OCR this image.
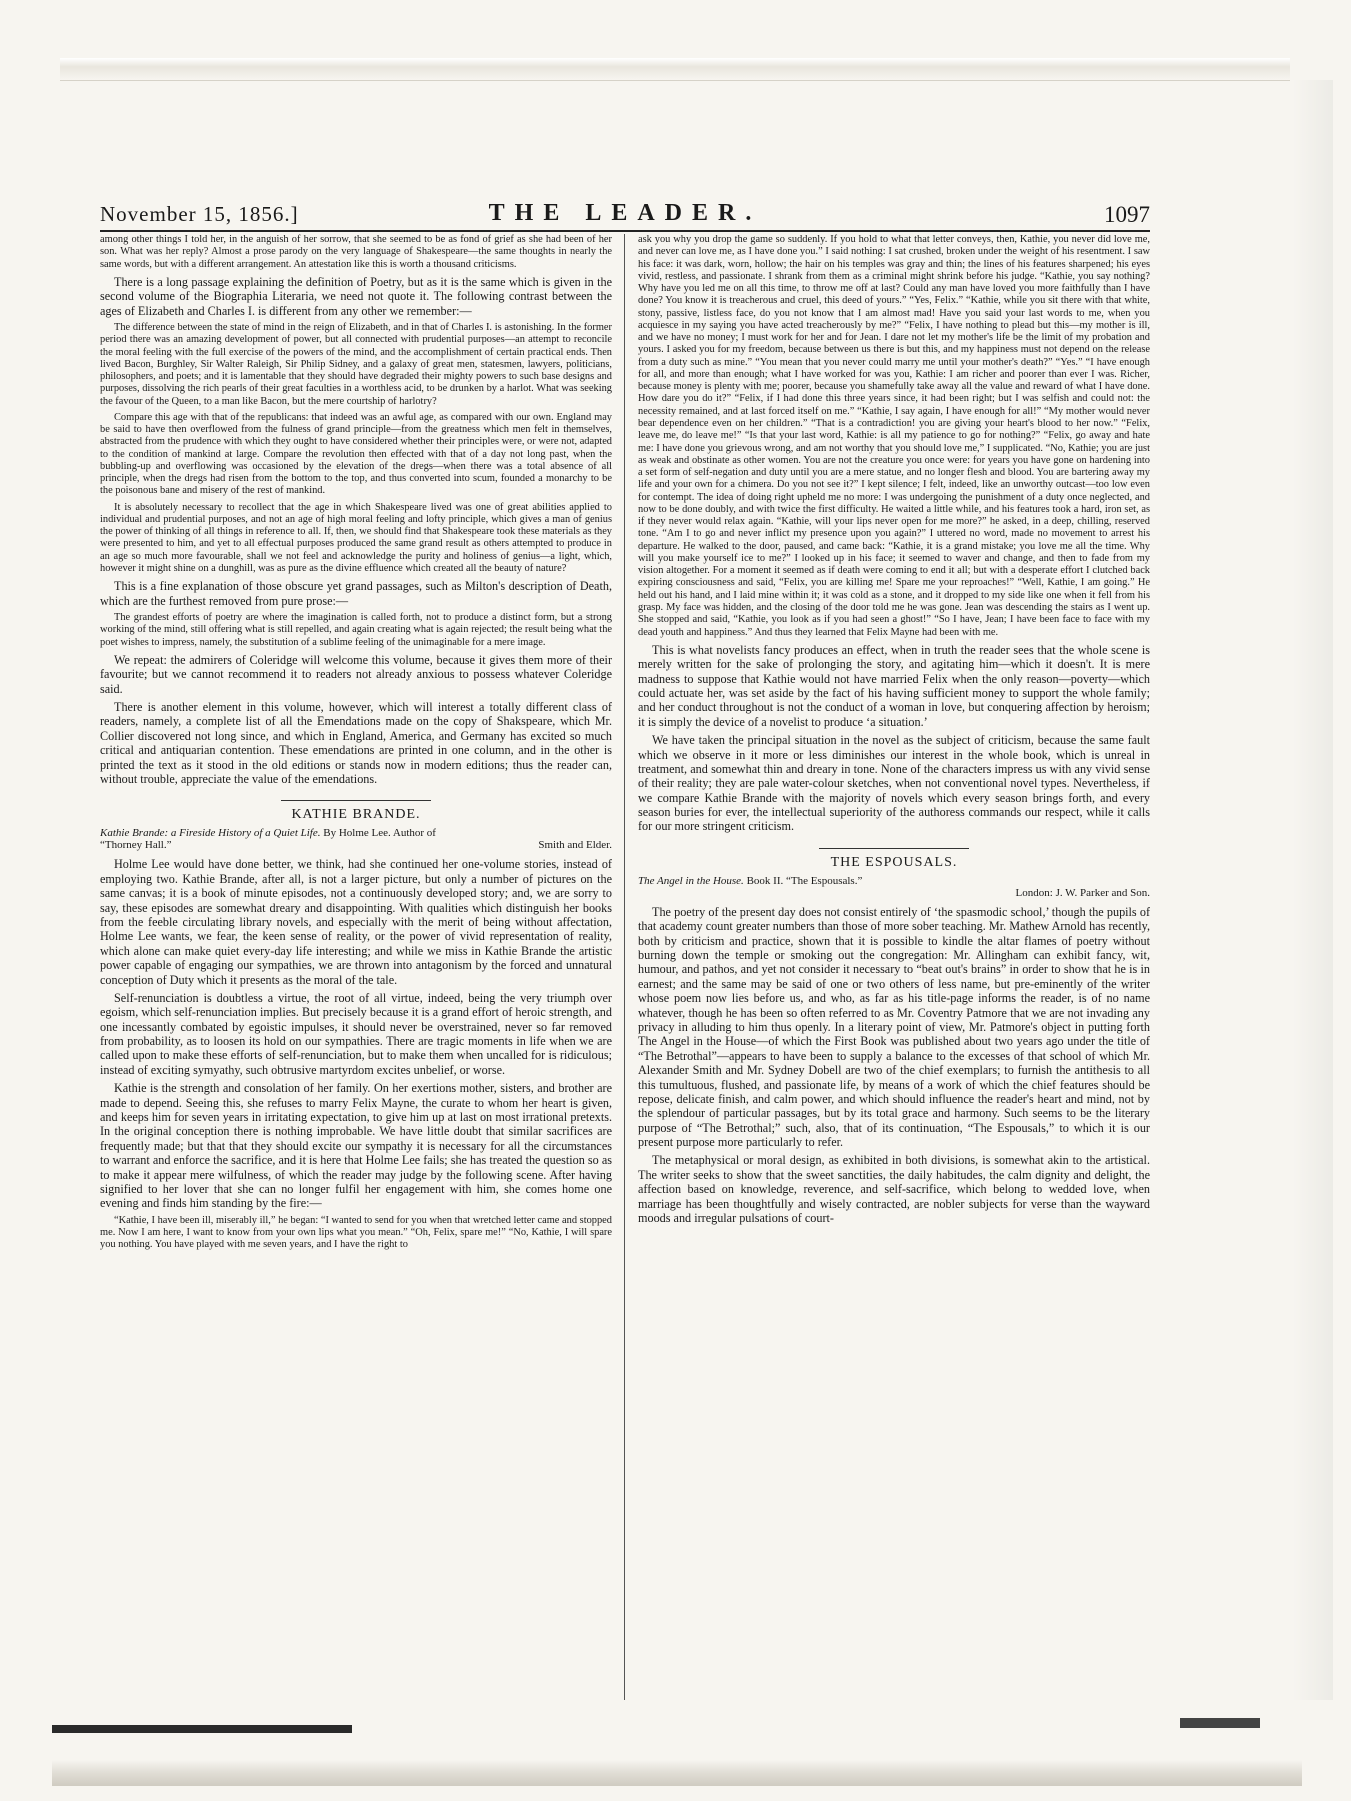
November 15, 1856.]	THE LEADER.	1097

among other things I told her, in the anguish of her sorrow, that she seemed to be as fond of grief as she had been of her son. What was her reply? Almost a prose parody on the very language of Shakespeare—the same thoughts in nearly the same words, but with a different arrangement. An attestation like this is worth a thousand criticisms.

There is a long passage explaining the definition of Poetry, but as it is the same which is given in the second volume of the Biographia Literaria, we need not quote it. The following contrast between the ages of Elizabeth and Charles I. is different from any other we remember:—

The difference between the state of mind in the reign of Elizabeth, and in that of Charles I. is astonishing. In the former period there was an amazing development of power, but all connected with prudential purposes—an attempt to reconcile the moral feeling with the full exercise of the powers of the mind, and the accomplishment of certain practical ends. Then lived Bacon, Burghley, Sir Walter Raleigh, Sir Philip Sidney, and a galaxy of great men, statesmen, lawyers, politicians, philosophers, and poets; and it is lamentable that they should have degraded their mighty powers to such base designs and purposes, dissolving the rich pearls of their great faculties in a worthless acid, to be drunken by a harlot. What was seeking the favour of the Queen, to a man like Bacon, but the mere courtship of harlotry?

Compare this age with that of the republicans: that indeed was an awful age, as compared with our own. England may be said to have then overflowed from the fulness of grand principle—from the greatness which men felt in themselves, abstracted from the prudence with which they ought to have considered whether their principles were, or were not, adapted to the condition of mankind at large. Compare the revolution then effected with that of a day not long past, when the bubbling-up and overflowing was occasioned by the elevation of the dregs—when there was a total absence of all principle, when the dregs had risen from the bottom to the top, and thus converted into scum, founded a monarchy to be the poisonous bane and misery of the rest of mankind.

It is absolutely necessary to recollect that the age in which Shakespeare lived was one of great abilities applied to individual and prudential purposes, and not an age of high moral feeling and lofty principle, which gives a man of genius the power of thinking of all things in reference to all. If, then, we should find that Shakespeare took these materials as they were presented to him, and yet to all effectual purposes produced the same grand result as others attempted to produce in an age so much more favourable, shall we not feel and acknowledge the purity and holiness of genius—a light, which, however it might shine on a dunghill, was as pure as the divine effluence which created all the beauty of nature?

This is a fine explanation of those obscure yet grand passages, such as Milton's description of Death, which are the furthest removed from pure prose:—

The grandest efforts of poetry are where the imagination is called forth, not to produce a distinct form, but a strong working of the mind, still offering what is still repelled, and again creating what is again rejected; the result being what the poet wishes to impress, namely, the substitution of a sublime feeling of the unimaginable for a mere image.

We repeat: the admirers of Coleridge will welcome this volume, because it gives them more of their favourite; but we cannot recommend it to readers not already anxious to possess whatever Coleridge said.

There is another element in this volume, however, which will interest a totally different class of readers, namely, a complete list of all the Emendations made on the copy of Shakspeare, which Mr. Collier discovered not long since, and which in England, America, and Germany has excited so much critical and antiquarian contention. These emendations are printed in one column, and in the other is printed the text as it stood in the old editions or stands now in modern editions; thus the reader can, without trouble, appreciate the value of the emendations.

KATHIE BRANDE.
Kathie Brande: a Fireside History of a Quiet Life. By Holme Lee. Author of
“Thorney Hall.”	Smith and Elder.

Holme Lee would have done better, we think, had she continued her one-volume stories, instead of employing two. Kathie Brande, after all, is not a larger picture, but only a number of pictures on the same canvas; it is a book of minute episodes, not a continuously developed story; and, we are sorry to say, these episodes are somewhat dreary and disappointing. With qualities which distinguish her books from the feeble circulating library novels, and especially with the merit of being without affectation, Holme Lee wants, we fear, the keen sense of reality, or the power of vivid representation of reality, which alone can make quiet every-day life interesting; and while we miss in Kathie Brande the artistic power capable of engaging our sympathies, we are thrown into antagonism by the forced and unnatural conception of Duty which it presents as the moral of the tale.

Self-renunciation is doubtless a virtue, the root of all virtue, indeed, being the very triumph over egoism, which self-renunciation implies. But precisely because it is a grand effort of heroic strength, and one incessantly combated by egoistic impulses, it should never be overstrained, never so far removed from probability, as to loosen its hold on our sympathies. There are tragic moments in life when we are called upon to make these efforts of self-renunciation, but to make them when uncalled for is ridiculous; instead of exciting symyathy, such obtrusive martyrdom excites unbelief, or worse.

Kathie is the strength and consolation of her family. On her exertions mother, sisters, and brother are made to depend. Seeing this, she refuses to marry Felix Mayne, the curate to whom her heart is given, and keeps him for seven years in irritating expectation, to give him up at last on most irrational pretexts. In the original conception there is nothing improbable. We have little doubt that similar sacrifices are frequently made; but that that they should excite our sympathy it is necessary for all the circumstances to warrant and enforce the sacrifice, and it is here that Holme Lee fails; she has treated the question so as to make it appear mere wilfulness, of which the reader may judge by the following scene. After having signified to her lover that she can no longer fulfil her engagement with him, she comes home one evening and finds him standing by the fire:—

“Kathie, I have been ill, miserably ill,” he began: “I wanted to send for you when that wretched letter came and stopped me. Now I am here, I want to know from your own lips what you mean.” “Oh, Felix, spare me!” “No, Kathie, I will spare you nothing. You have played with me seven years, and I have the right to

ask you why you drop the game so suddenly. If you hold to what that letter conveys, then, Kathie, you never did love me, and never can love me, as I have done you.” I said nothing: I sat crushed, broken under the weight of his resentment. I saw his face: it was dark, worn, hollow; the hair on his temples was gray and thin; the lines of his features sharpened; his eyes vivid, restless, and passionate. I shrank from them as a criminal might shrink before his judge. “Kathie, you say nothing? Why have you led me on all this time, to throw me off at last? Could any man have loved you more faithfully than I have done? You know it is treacherous and cruel, this deed of yours.” “Yes, Felix.” “Kathie, while you sit there with that white, stony, passive, listless face, do you not know that I am almost mad! Have you said your last words to me, when you acquiesce in my saying you have acted treacherously by me?” “Felix, I have nothing to plead but this—my mother is ill, and we have no money; I must work for her and for Jean. I dare not let my mother's life be the limit of my probation and yours. I asked you for my freedom, because between us there is but this, and my happiness must not depend on the release from a duty such as mine.” “You mean that you never could marry me until your mother's death?” “Yes.” “I have enough for all, and more than enough; what I have worked for was you, Kathie: I am richer and poorer than ever I was. Richer, because money is plenty with me; poorer, because you shamefully take away all the value and reward of what I have done. How dare you do it?” “Felix, if I had done this three years since, it had been right; but I was selfish and could not: the necessity remained, and at last forced itself on me.” “Kathie, I say again, I have enough for all!” “My mother would never bear dependence even on her children.” “That is a contradiction! you are giving your heart's blood to her now.” “Felix, leave me, do leave me!” “Is that your last word, Kathie: is all my patience to go for nothing?” “Felix, go away and hate me: I have done you grievous wrong, and am not worthy that you should love me,” I supplicated. “No, Kathie; you are just as weak and obstinate as other women. You are not the creature you once were: for years you have gone on hardening into a set form of self-negation and duty until you are a mere statue, and no longer flesh and blood. You are bartering away my life and your own for a chimera. Do you not see it?” I kept silence; I felt, indeed, like an unworthy outcast—too low even for contempt. The idea of doing right upheld me no more: I was undergoing the punishment of a duty once neglected, and now to be done doubly, and with twice the first difficulty. He waited a little while, and his features took a hard, iron set, as if they never would relax again. “Kathie, will your lips never open for me more?” he asked, in a deep, chilling, reserved tone. “Am I to go and never inflict my presence upon you again?” I uttered no word, made no movement to arrest his departure. He walked to the door, paused, and came back: “Kathie, it is a grand mistake; you love me all the time. Why will you make yourself ice to me?” I looked up in his face; it seemed to waver and change, and then to fade from my vision altogether. For a moment it seemed as if death were coming to end it all; but with a desperate effort I clutched back expiring consciousness and said, “Felix, you are killing me! Spare me your reproaches!” “Well, Kathie, I am going.” He held out his hand, and I laid mine within it; it was cold as a stone, and it dropped to my side like one when it fell from his grasp. My face was hidden, and the closing of the door told me he was gone. Jean was descending the stairs as I went up. She stopped and said, “Kathie, you look as if you had seen a ghost!” “So I have, Jean; I have been face to face with my dead youth and happiness.” And thus they learned that Felix Mayne had been with me.

This is what novelists fancy produces an effect, when in truth the reader sees that the whole scene is merely written for the sake of prolonging the story, and agitating him—which it doesn't. It is mere madness to suppose that Kathie would not have married Felix when the only reason—poverty—which could actuate her, was set aside by the fact of his having sufficient money to support the whole family; and her conduct throughout is not the conduct of a woman in love, but conquering affection by heroism; it is simply the device of a novelist to produce ‘a situation.’

We have taken the principal situation in the novel as the subject of criticism, because the same fault which we observe in it more or less diminishes our interest in the whole book, which is unreal in treatment, and somewhat thin and dreary in tone. None of the characters impress us with any vivid sense of their reality; they are pale water-colour sketches, when not conventional novel types. Nevertheless, if we compare Kathie Brande with the majority of novels which every season brings forth, and every season buries for ever, the intellectual superiority of the authoress commands our respect, while it calls for our more stringent criticism.

THE ESPOUSALS.
The Angel in the House. Book II. “The Espousals.”
London: J. W. Parker and Son.

The poetry of the present day does not consist entirely of ‘the spasmodic school,’ though the pupils of that academy count greater numbers than those of more sober teaching. Mr. Mathew Arnold has recently, both by criticism and practice, shown that it is possible to kindle the altar flames of poetry without burning down the temple or smoking out the congregation: Mr. Allingham can exhibit fancy, wit, humour, and pathos, and yet not consider it necessary to “beat out's brains” in order to show that he is in earnest; and the same may be said of one or two others of less name, but pre-eminently of the writer whose poem now lies before us, and who, as far as his title-page informs the reader, is of no name whatever, though he has been so often referred to as Mr. Coventry Patmore that we are not invading any privacy in alluding to him thus openly. In a literary point of view, Mr. Patmore's object in putting forth The Angel in the House—of which the First Book was published about two years ago under the title of “The Betrothal”—appears to have been to supply a balance to the excesses of that school of which Mr. Alexander Smith and Mr. Sydney Dobell are two of the chief exemplars; to furnish the antithesis to all this tumultuous, flushed, and passionate life, by means of a work of which the chief features should be repose, delicate finish, and calm power, and which should influence the reader's heart and mind, not by the splendour of particular passages, but by its total grace and harmony. Such seems to be the literary purpose of “The Betrothal;” such, also, that of its continuation, “The Espousals,” to which it is our present purpose more particularly to refer.

The metaphysical or moral design, as exhibited in both divisions, is somewhat akin to the artistical. The writer seeks to show that the sweet sanctities, the daily habitudes, the calm dignity and delight, the affection based on knowledge, reverence, and self-sacrifice, which belong to wedded love, when marriage has been thoughtfully and wisely contracted, are nobler subjects for verse than the wayward moods and irregular pulsations of court-
